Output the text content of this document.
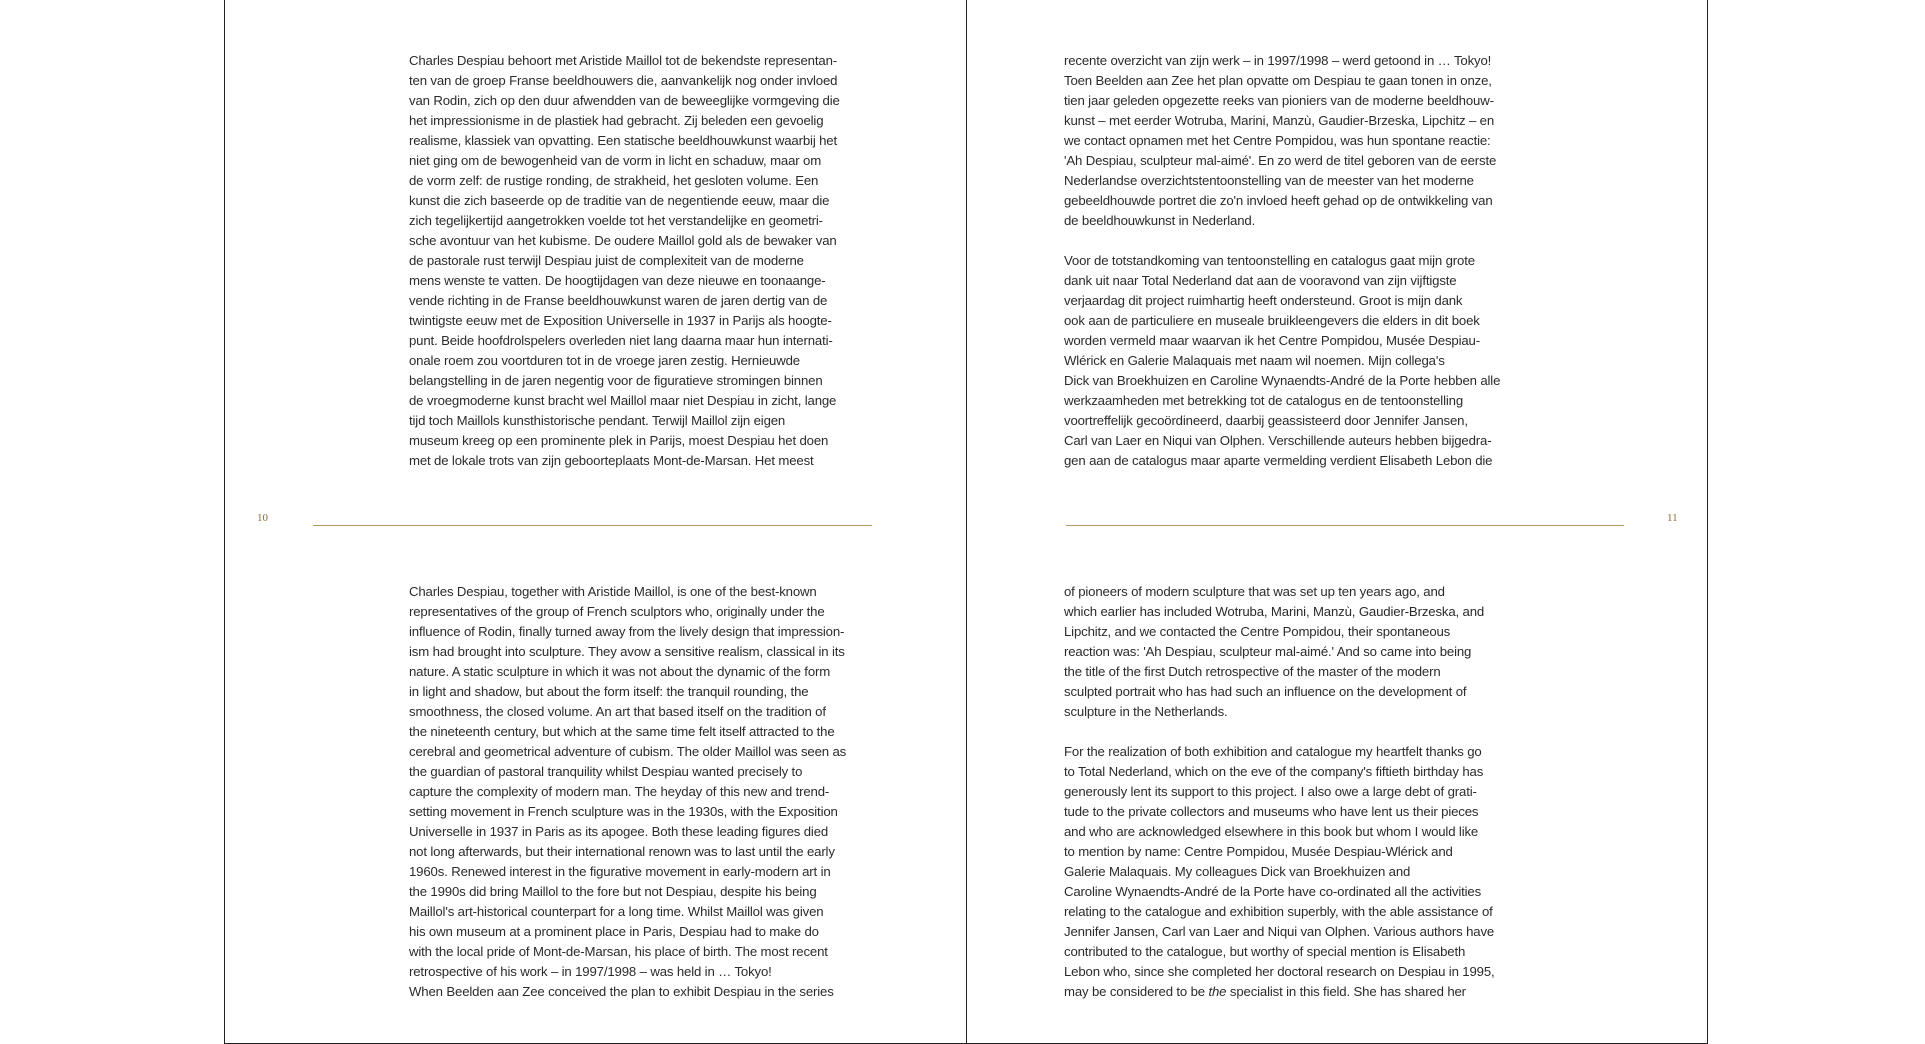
Charles Despiau behoort met Aristide Maillol tot de bekendste representan-
ten van de groep Franse beeldhouwers die, aanvankelijk nog onder invloed
van Rodin, zich op den duur afwendden van de beweeglijke vormgeving die
het impressionisme in de plastiek had gebracht. Zij beleden een gevoelig
realisme, klassiek van opvatting. Een statische beeldhouwkunst waarbij het
niet ging om de bewogenheid van de vorm in licht en schaduw, maar om
de vorm zelf: de rustige ronding, de strakheid, het gesloten volume. Een
kunst die zich baseerde op de traditie van de negentiende eeuw, maar die
zich tegelijkertijd aangetrokken voelde tot het verstandelijke en geometri-
sche avontuur van het kubisme. De oudere Maillol gold als de bewaker van
de pastorale rust terwijl Despiau juist de complexiteit van de moderne
mens wenste te vatten. De hoogtijdagen van deze nieuwe en toonaange-
vende richting in de Franse beeldhouwkunst waren de jaren dertig van de
twintigste eeuw met de Exposition Universelle in 1937 in Parijs als hoogte-
punt. Beide hoofdrolspelers overleden niet lang daarna maar hun internati-
onale roem zou voortduren tot in de vroege jaren zestig. Hernieuwde
belangstelling in de jaren negentig voor de figuratieve stromingen binnen
de vroegmoderne kunst bracht wel Maillol maar niet Despiau in zicht, lange
tijd toch Maillols kunsthistorische pendant. Terwijl Maillol zijn eigen
museum kreeg op een prominente plek in Parijs, moest Despiau het doen
met de lokale trots van zijn geboorteplaats Mont-de-Marsan. Het meest
recente overzicht van zijn werk – in 1997/1998 – werd getoond in … Tokyo!
Toen Beelden aan Zee het plan opvatte om Despiau te gaan tonen in onze,
tien jaar geleden opgezette reeks van pioniers van de moderne beeldhouw-
kunst – met eerder Wotruba, Marini, Manzù, Gaudier-Brzeska, Lipchitz – en
we contact opnamen met het Centre Pompidou, was hun spontane reactie:
'Ah Despiau, sculpteur mal-aimé'. En zo werd de titel geboren van de eerste
Nederlandse overzichtstentoonstelling van de meester van het moderne
gebeeldhouwde portret die zo'n invloed heeft gehad op de ontwikkeling van
de beeldhouwkunst in Nederland.
Voor de totstandkoming van tentoonstelling en catalogus gaat mijn grote
dank uit naar Total Nederland dat aan de vooravond van zijn vijftigste
verjaardag dit project ruimhartig heeft ondersteund. Groot is mijn dank
ook aan de particuliere en museale bruikleengevers die elders in dit boek
worden vermeld maar waarvan ik het Centre Pompidou, Musée Despiau-
Wlérick en Galerie Malaquais met naam wil noemen. Mijn collega's
Dick van Broekhuizen en Caroline Wynaendts-André de la Porte hebben alle
werkzaamheden met betrekking tot de catalogus en de tentoonstelling
voortreffelijk gecoördineerd, daarbij geassisteerd door Jennifer Jansen,
Carl van Laer en Niqui van Olphen. Verschillende auteurs hebben bijgedra-
gen aan de catalogus maar aparte vermelding verdient Elisabeth Lebon die
10	11
Charles Despiau, together with Aristide Maillol, is one of the best-known
representatives of the group of French sculptors who, originally under the
influence of Rodin, finally turned away from the lively design that impression-
ism had brought into sculpture. They avow a sensitive realism, classical in its
nature. A static sculpture in which it was not about the dynamic of the form
in light and shadow, but about the form itself: the tranquil rounding, the
smoothness, the closed volume. An art that based itself on the tradition of
the nineteenth century, but which at the same time felt itself attracted to the
cerebral and geometrical adventure of cubism. The older Maillol was seen as
the guardian of pastoral tranquility whilst Despiau wanted precisely to
capture the complexity of modern man. The heyday of this new and trend-
setting movement in French sculpture was in the 1930s, with the Exposition
Universelle in 1937 in Paris as its apogee. Both these leading figures died
not long afterwards, but their international renown was to last until the early
1960s. Renewed interest in the figurative movement in early-modern art in
the 1990s did bring Maillol to the fore but not Despiau, despite his being
Maillol's art-historical counterpart for a long time. Whilst Maillol was given
his own museum at a prominent place in Paris, Despiau had to make do
with the local pride of Mont-de-Marsan, his place of birth. The most recent
retrospective of his work – in 1997/1998 – was held in … Tokyo!
When Beelden aan Zee conceived the plan to exhibit Despiau in the series
of pioneers of modern sculpture that was set up ten years ago, and
which earlier has included Wotruba, Marini, Manzù, Gaudier-Brzeska, and
Lipchitz, and we contacted the Centre Pompidou, their spontaneous
reaction was: 'Ah Despiau, sculpteur mal-aimé.' And so came into being
the title of the first Dutch retrospective of the master of the modern
sculpted portrait who has had such an influence on the development of
sculpture in the Netherlands.
For the realization of both exhibition and catalogue my heartfelt thanks go
to Total Nederland, which on the eve of the company's fiftieth birthday has
generously lent its support to this project. I also owe a large debt of grati-
tude to the private collectors and museums who have lent us their pieces
and who are acknowledged elsewhere in this book but whom I would like
to mention by name: Centre Pompidou, Musée Despiau-Wlérick and
Galerie Malaquais. My colleagues Dick van Broekhuizen and
Caroline Wynaendts-André de la Porte have co-ordinated all the activities
relating to the catalogue and exhibition superbly, with the able assistance of
Jennifer Jansen, Carl van Laer and Niqui van Olphen. Various authors have
contributed to the catalogue, but worthy of special mention is Elisabeth
Lebon who, since she completed her doctoral research on Despiau in 1995,
may be considered to be the specialist in this field. She has shared her
